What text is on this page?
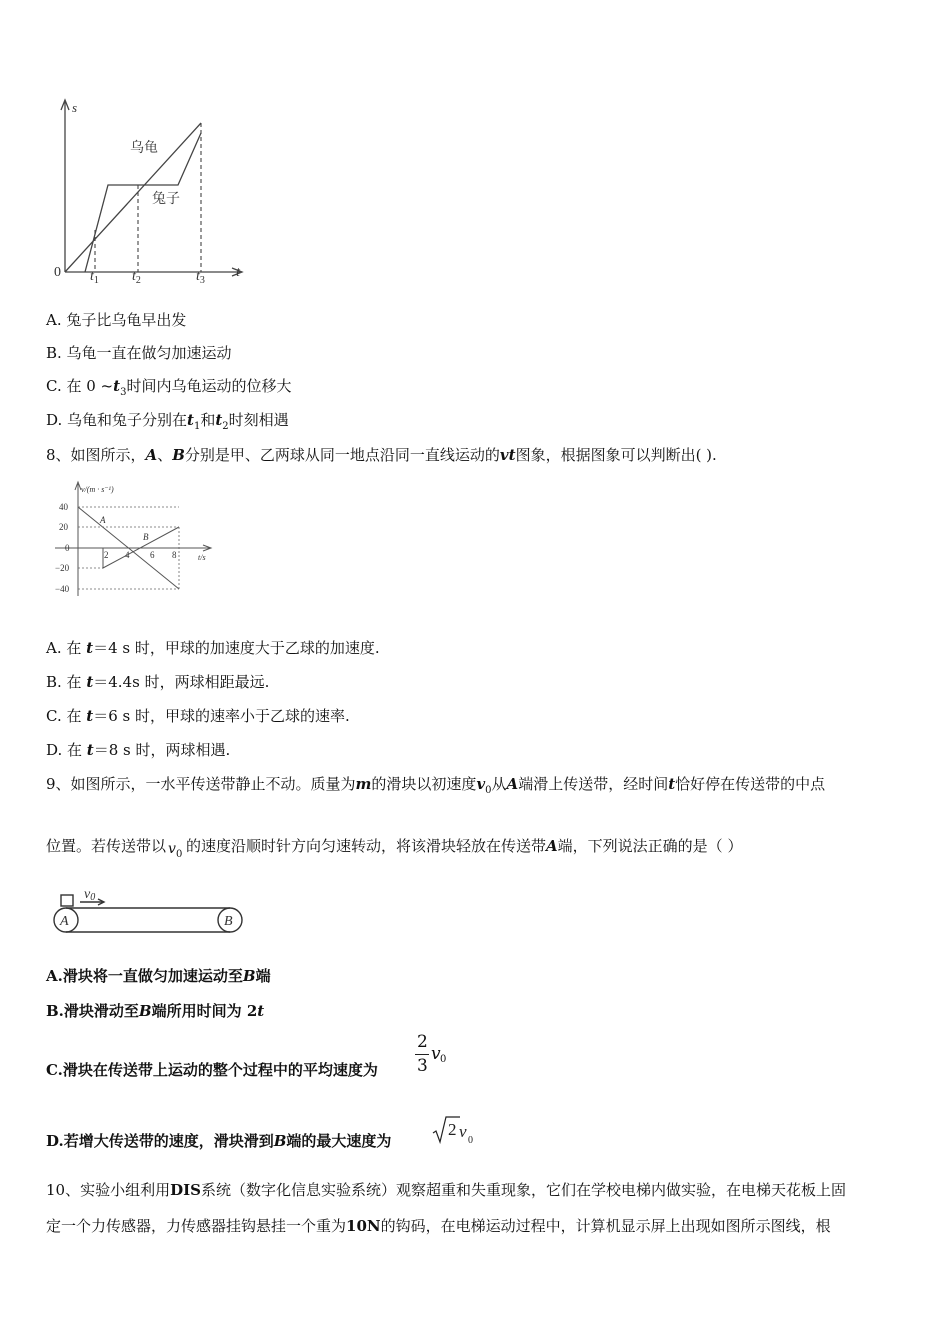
s
t
0
乌龟
兔子
$t_1$ $t_2$	$t_3$
A. 兔子比乌龟早出发
B. 乌龟一直在做匀加速运动
C. 在 0 $\sim t_3$时间内乌龟运动的位移大
D. 乌龟和兔子分别在$t_1$和$t_2$时刻相遇
8、如图所示，A、B分别是甲、乙两球从同一地点沿同一直线运动的vt图象，根据图象可以判断出( ).
v/(m · s⁻¹)
t/s
40
20
0
−20
−40
2 4 6 8
A
B
A. 在 t＝4 s 时，甲球的加速度大于乙球的加速度.
B. 在 t＝4.4s 时，两球相距最远.
C. 在 t＝6 s 时，甲球的速率小于乙球的速率.
D. 在 t＝8 s 时，两球相遇.
9、如图所示，一水平传送带静止不动。质量为m的滑块以初速度$v_0$从A端滑上传送带，经时间t恰好停在传送带的中点
位置。若传送带以 v 0 的速度沿顺时针方向匀速转动，将该滑块轻放在传送带A端，下列说法正确的是（ ）
v0
A	B
A.滑块将一直做匀加速运动至B端
B.滑块滑动至B端所用时间为 2t
C.滑块在传送带上运动的整个过程中的平均速度为
2
3
v 0
D.若增大传送带的速度，滑块滑到B端的最大速度为
2 v 0
10、实验小组利用DIS系统（数字化信息实验系统）观察超重和失重现象，它们在学校电梯内做实验，在电梯天花板上固
定一个力传感器，力传感器挂钩悬挂一个重为10N的钩码，在电梯运动过程中，计算机显示屏上出现如图所示图线，根
